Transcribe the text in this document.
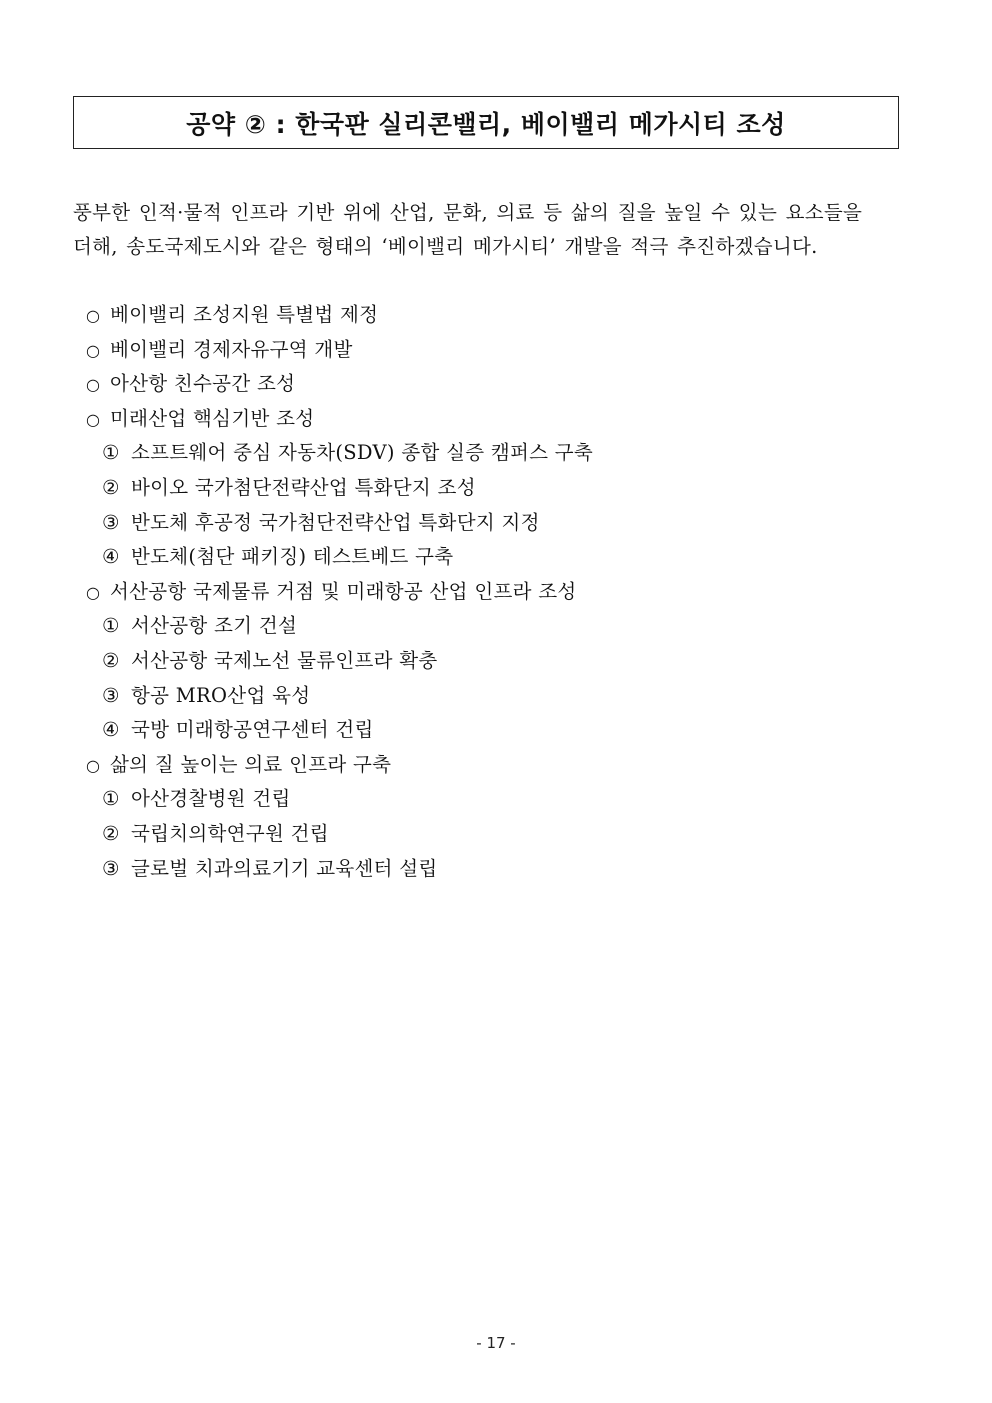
공약 ② : 한국판 실리콘밸리, 베이밸리 메가시티 조성

풍부한 인적·물적 인프라 기반 위에 산업, 문화, 의료 등 삶의 질을 높일 수 있는 요소들을

더해, 송도국제도시와 같은 형태의 ‘베이밸리 메가시티’ 개발을 적극 추진하겠습니다.

○ 베이밸리 조성지원 특별법 제정
○ 베이밸리 경제자유구역 개발
○ 아산항 친수공간 조성
○ 미래산업 핵심기반 조성
① 소프트웨어 중심 자동차(SDV) 종합 실증 캠퍼스 구축
② 바이오 국가첨단전략산업 특화단지 조성
③ 반도체 후공정 국가첨단전략산업 특화단지 지정
④ 반도체(첨단 패키징) 테스트베드 구축
○ 서산공항 국제물류 거점 및 미래항공 산업 인프라 조성
① 서산공항 조기 건설
② 서산공항 국제노선 물류인프라 확충
③ 항공 MRO산업 육성
④ 국방 미래항공연구센터 건립
○ 삶의 질 높이는 의료 인프라 구축
① 아산경찰병원 건립
② 국립치의학연구원 건립
③ 글로벌 치과의료기기 교육센터 설립
- 17 -
